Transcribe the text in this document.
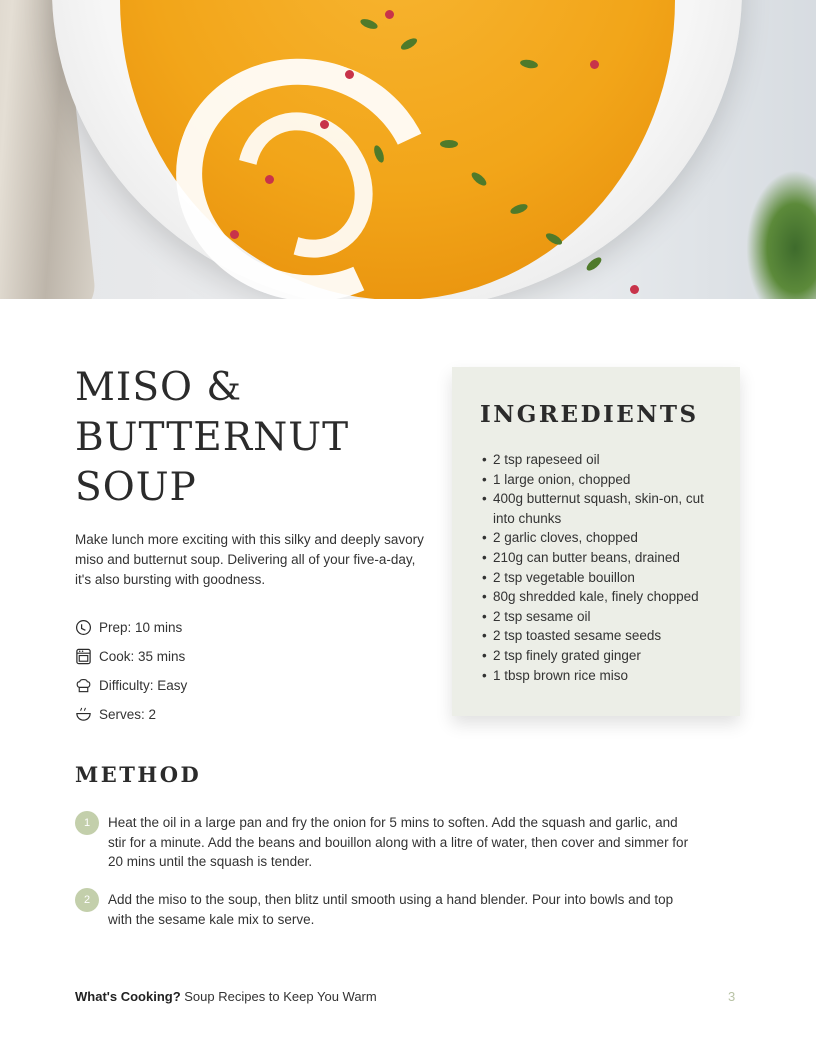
MISO &
BUTTERNUT
SOUP

Make lunch more exciting with this silky and deeply savory miso and butternut soup. Delivering all of your five-a-day, it's also bursting with goodness.

Prep: 10 mins
Cook: 35 mins
Difficulty: Easy
Serves: 2
INGREDIENTS
• 2 tsp rapeseed oil
• 1 large onion, chopped
• 400g butternut squash, skin-on, cut into chunks
• 2 garlic cloves, chopped
• 210g can butter beans, drained
• 2 tsp vegetable bouillon
• 80g shredded kale, finely chopped
• 2 tsp sesame oil
• 2 tsp toasted sesame seeds
• 2 tsp finely grated ginger
• 1 tbsp brown rice miso
METHOD
1	Heat the oil in a large pan and fry the onion for 5 mins to soften. Add the squash and garlic, and stir for a minute. Add the beans and bouillon along with a litre of water, then cover and simmer for 20 mins until the squash is tender.

2	Add the miso to the soup, then blitz until smooth using a hand blender. Pour into bowls and top with the sesame kale mix to serve.

What's Cooking? Soup Recipes to Keep You Warm	3
